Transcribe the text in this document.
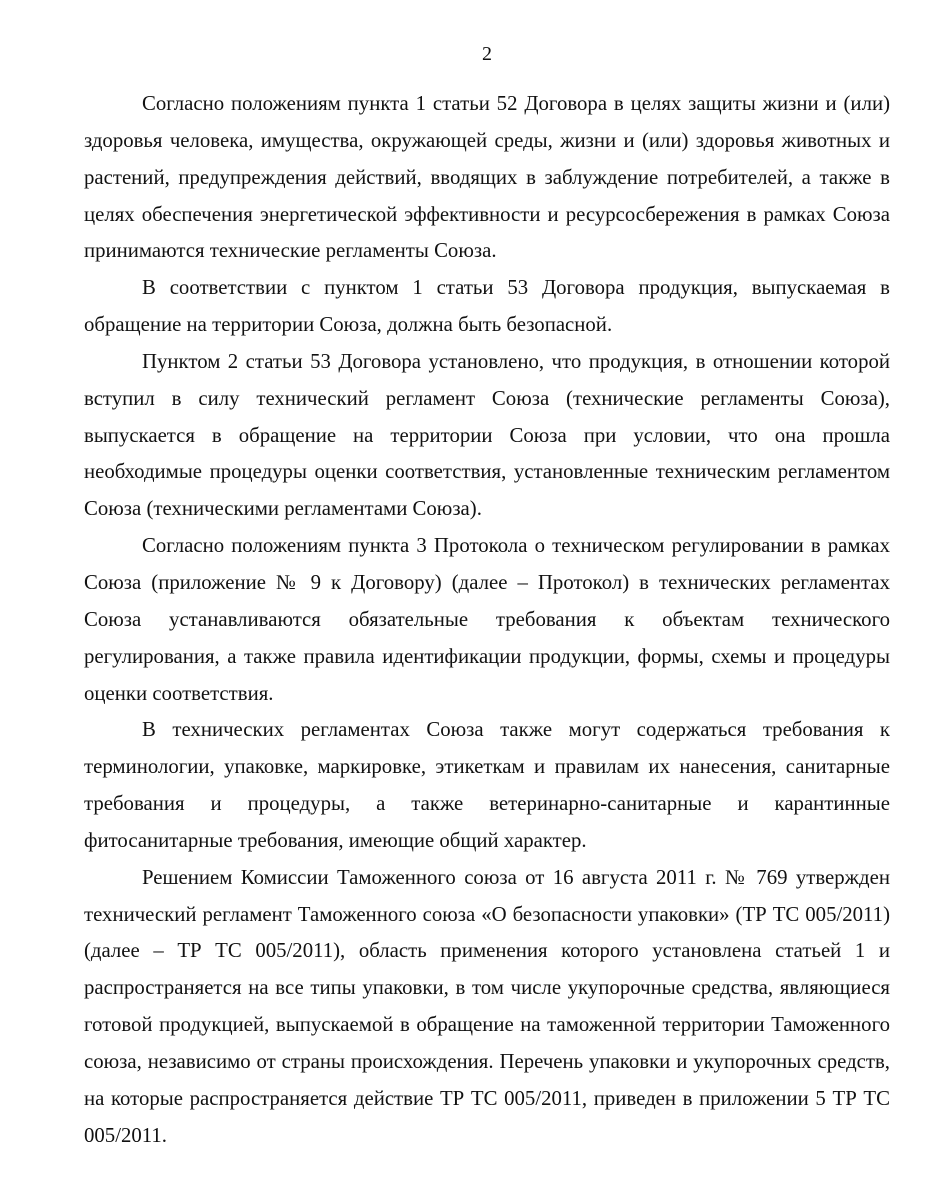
2

Согласно положениям пункта 1 статьи 52 Договора в целях защиты жизни и (или) здоровья человека, имущества, окружающей среды, жизни и (или) здоровья животных и растений, предупреждения действий, вводящих в заблуждение потребителей, а также в целях обеспечения энергетической эффективности и ресурсосбережения в рамках Союза принимаются технические регламенты Союза.

В соответствии с пунктом 1 статьи 53 Договора продукция, выпускаемая в обращение на территории Союза, должна быть безопасной.

Пунктом 2 статьи 53 Договора установлено, что продукция, в отношении которой вступил в силу технический регламент Союза (технические регламенты Союза), выпускается в обращение на территории Союза при условии, что она прошла необходимые процедуры оценки соответствия, установленные техническим регламентом Союза (техническими регламентами Союза).

Согласно положениям пункта 3 Протокола о техническом регулировании в рамках Союза (приложение № 9 к Договору) (далее – Протокол) в технических регламентах Союза устанавливаются обязательные требования к объектам технического регулирования, а также правила идентификации продукции, формы, схемы и процедуры оценки соответствия.

В технических регламентах Союза также могут содержаться требования к терминологии, упаковке, маркировке, этикеткам и правилам их нанесения, санитарные требования и процедуры, а также ветеринарно-санитарные и карантинные фитосанитарные требования, имеющие общий характер.

Решением Комиссии Таможенного союза от 16 августа 2011 г. № 769 утвержден технический регламент Таможенного союза «О безопасности упаковки» (ТР ТС 005/2011) (далее – ТР ТС 005/2011), область применения которого установлена статьей 1 и распространяется на все типы упаковки, в том числе укупорочные средства, являющиеся готовой продукцией, выпускаемой в обращение на таможенной территории Таможенного союза, независимо от страны происхождения. Перечень упаковки и укупорочных средств, на которые распространяется действие ТР ТС 005/2011, приведен в приложении 5 ТР ТС 005/2011.
